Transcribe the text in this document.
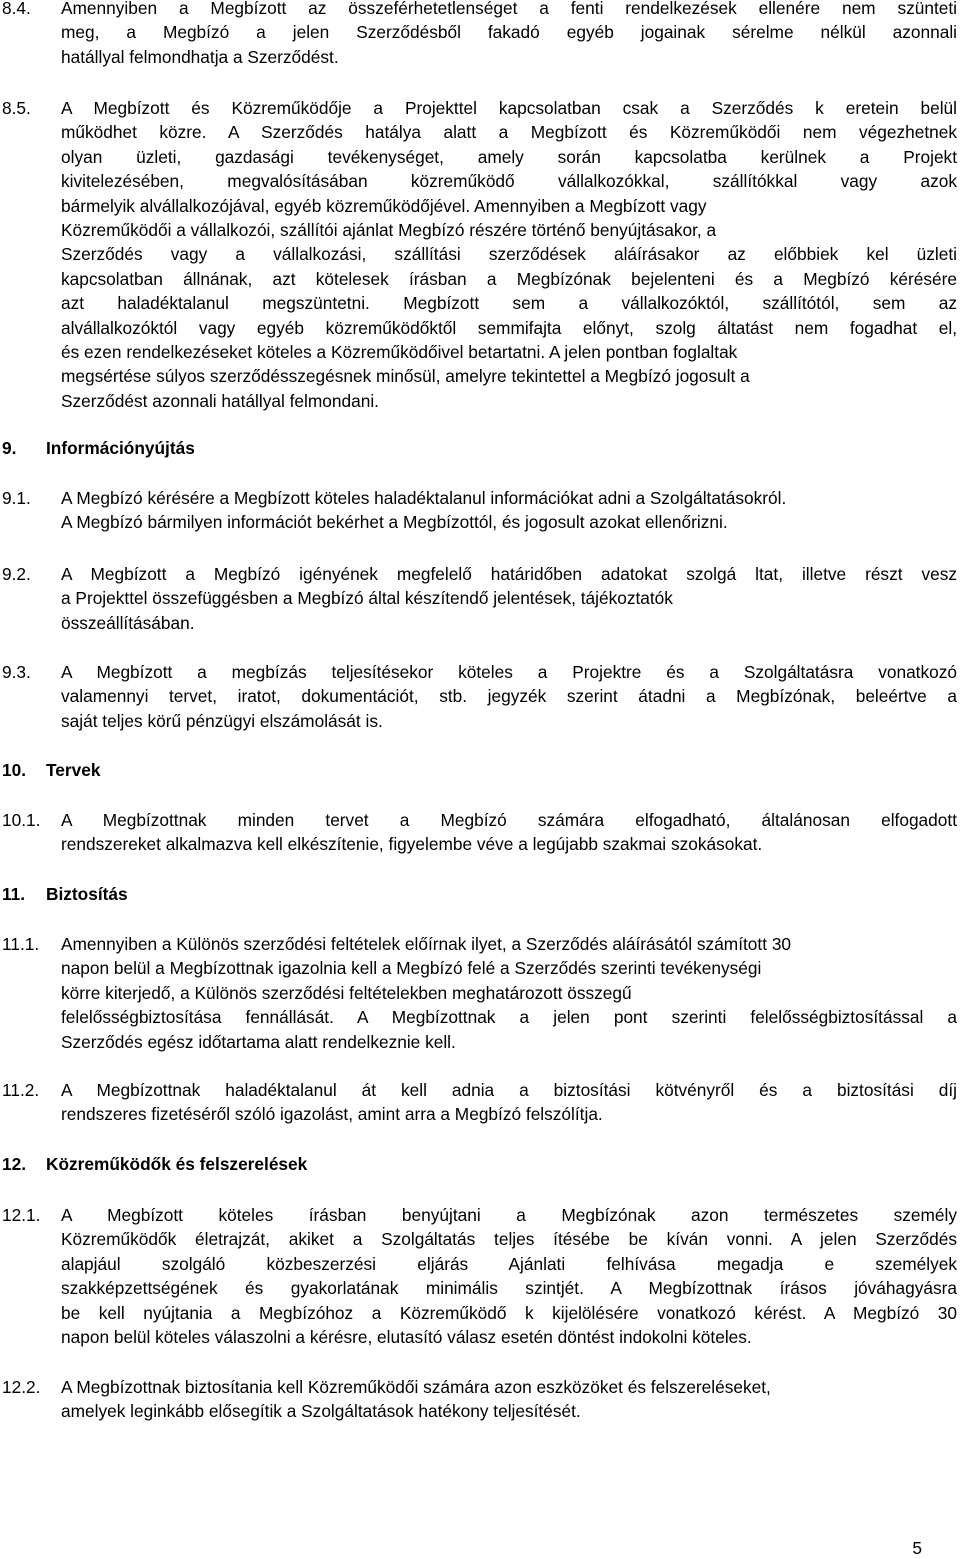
8.4. Amennyiben a Megbízott az összeférhetetlenséget a fenti rendelkezések ellenére nem szünteti
meg, a Megbízó a jelen Szerződésből fakadó egyéb jogainak sérelme nélkül azonnali
hatállyal felmondhatja a Szerződést.
8.5. A Megbízott és Közreműködője a Projekttel kapcsolatban csak a Szerződés k eretein belül
működhet közre. A Szerződés hatálya alatt a Megbízott és Közreműködői nem végezhetnek
olyan üzleti, gazdasági tevékenységet, amely során kapcsolatba kerülnek a Projekt
kivitelezésében, megvalósításában közreműködő vállalkozókkal, szállítókkal vagy azok
bármelyik alvállalkozójával, egyéb közreműködőjével. Amennyiben a Megbízott vagy
Közreműködői a vállalkozói, szállítói ajánlat Megbízó részére történő benyújtásakor, a
Szerződés vagy a vállalkozási, szállítási szerződések aláírásakor az előbbiek kel üzleti
kapcsolatban állnának, azt kötelesek írásban a Megbízónak bejelenteni és a Megbízó kérésére
azt haladéktalanul megszüntetni. Megbízott sem a vállalkozóktól, szállítótól, sem az
alvállalkozóktól vagy egyéb közreműködőktől semmifajta előnyt, szolg áltatást nem fogadhat el,
és ezen rendelkezéseket köteles a Közreműködőivel betartatni. A jelen pontban foglaltak
megsértése súlyos szerződésszegésnek minősül, amelyre tekintettel a Megbízó jogosult a
Szerződést azonnali hatállyal felmondani.
9. Információnyújtás
9.1. A Megbízó kérésére a Megbízott köteles haladéktalanul információkat adni a Szolgáltatásokról.
A Megbízó bármilyen információt bekérhet a Megbízottól, és jogosult azokat ellenőrizni.
9.2. A Megbízott a Megbízó igényének megfelelő határidőben adatokat szolgá ltat, illetve részt vesz
a Projekttel összefüggésben a Megbízó által készítendő jelentések, tájékoztatók
összeállításában.
9.3. A Megbízott a megbízás teljesítésekor köteles a Projektre és a Szolgáltatásra vonatkozó
valamennyi tervet, iratot, dokumentációt, stb. jegyzék szerint átadni a Megbízónak, beleértve a
saját teljes körű pénzügyi elszámolását is.
10. Tervek
10.1. A Megbízottnak minden tervet a Megbízó számára elfogadható, általánosan elfogadott
rendszereket alkalmazva kell elkészítenie, figyelembe véve a legújabb szakmai szokásokat.
11. Biztosítás
11.1. Amennyiben a Különös szerződési feltételek előírnak ilyet, a Szerződés aláírásától számított 30
napon belül a Megbízottnak igazolnia kell a Megbízó felé a Szerződés szerinti tevékenységi
körre kiterjedő, a Különös szerződési feltételekben meghatározott összegű
felelősségbiztosítása fennállását. A Megbízottnak a jelen pont szerinti felelősségbiztosítással a
Szerződés egész időtartama alatt rendelkeznie kell.
11.2. A Megbízottnak haladéktalanul át kell adnia a biztosítási kötvényről és a biztosítási díj
rendszeres fizetéséről szóló igazolást, amint arra a Megbízó felszólítja.
12. Közreműködők és felszerelések
12.1. A Megbízott köteles írásban benyújtani a Megbízónak azon természetes személy
Közreműködők életrajzát, akiket a Szolgáltatás teljes ítésébe be kíván vonni. A jelen Szerződés
alapjául szolgáló közbeszerzési eljárás Ajánlati felhívása megadja e személyek
szakképzettségének és gyakorlatának minimális szintjét. A Megbízottnak írásos jóváhagyásra
be kell nyújtania a Megbízóhoz a Közreműködő k kijelölésére vonatkozó kérést. A Megbízó 30
napon belül köteles válaszolni a kérésre, elutasító válasz esetén döntést indokolni köteles.
12.2. A Megbízottnak biztosítania kell Közreműködői számára azon eszközöket és felszereléseket,
amelyek leginkább elősegítik a Szolgáltatások hatékony teljesítését.
5
